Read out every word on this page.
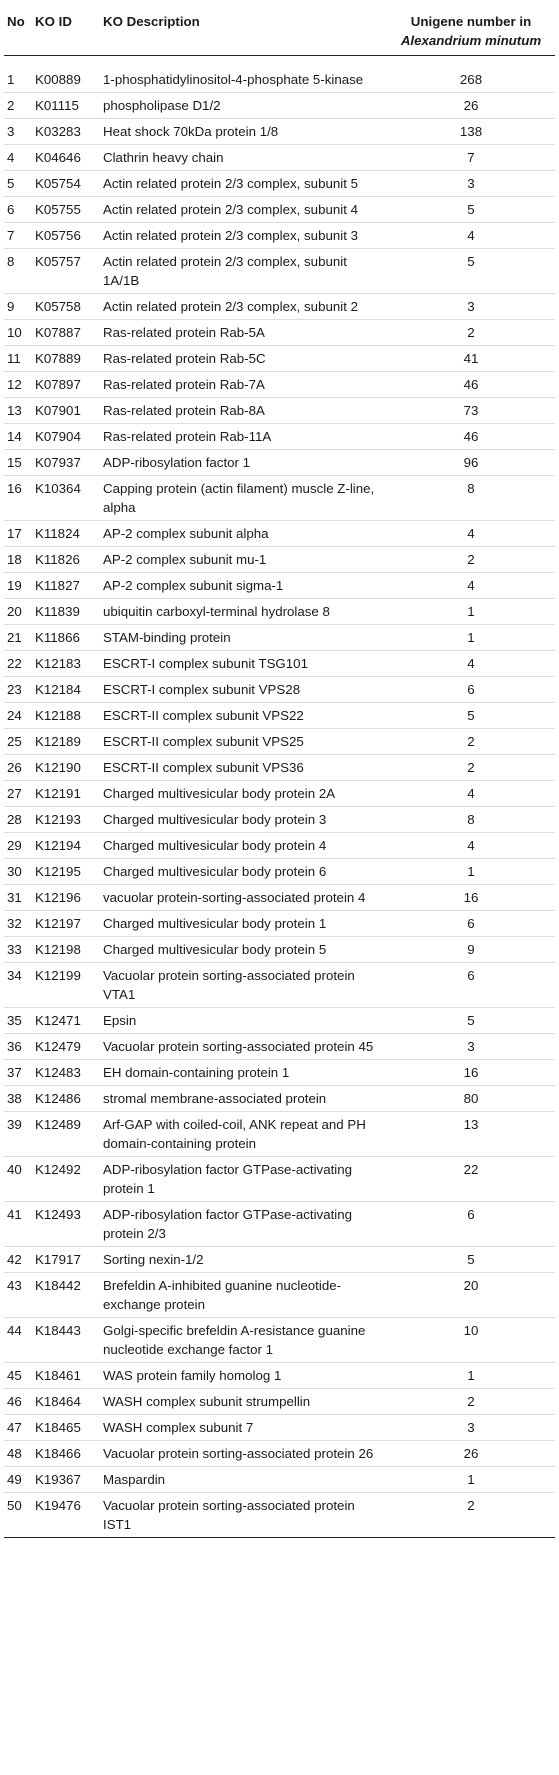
No	KO ID	KO Description	Unigene number in
Alexandrium minutum
1	K00889	1-phosphatidylinositol-4-phosphate 5-kinase	268
2	K01115	phospholipase D1/2	26
3	K03283	Heat shock 70kDa protein 1/8	138
4	K04646	Clathrin heavy chain	7
5	K05754	Actin related protein 2/3 complex, subunit 5	3
6	K05755	Actin related protein 2/3 complex, subunit 4	5
7	K05756	Actin related protein 2/3 complex, subunit 3	4
8	K05757	Actin related protein 2/3 complex, subunit 1A/1B	5
9	K05758	Actin related protein 2/3 complex, subunit 2	3
10	K07887	Ras-related protein Rab-5A	2
11	K07889	Ras-related protein Rab-5C	41
12	K07897	Ras-related protein Rab-7A	46
13	K07901	Ras-related protein Rab-8A	73
14	K07904	Ras-related protein Rab-11A	46
15	K07937	ADP-ribosylation factor 1	96
16	K10364	Capping protein (actin filament) muscle Z-line, alpha	8
17	K11824	AP-2 complex subunit alpha	4
18	K11826	AP-2 complex subunit mu-1	2
19	K11827	AP-2 complex subunit sigma-1	4
20	K11839	ubiquitin carboxyl-terminal hydrolase 8	1
21	K11866	STAM-binding protein	1
22	K12183	ESCRT-I complex subunit TSG101	4
23	K12184	ESCRT-I complex subunit VPS28	6
24	K12188	ESCRT-II complex subunit VPS22	5
25	K12189	ESCRT-II complex subunit VPS25	2
26	K12190	ESCRT-II complex subunit VPS36	2
27	K12191	Charged multivesicular body protein 2A	4
28	K12193	Charged multivesicular body protein 3	8
29	K12194	Charged multivesicular body protein 4	4
30	K12195	Charged multivesicular body protein 6	1
31	K12196	vacuolar protein-sorting-associated protein 4	16
32	K12197	Charged multivesicular body protein 1	6
33	K12198	Charged multivesicular body protein 5	9
34	K12199	Vacuolar protein sorting-associated protein VTA1	6
35	K12471	Epsin	5
36	K12479	Vacuolar protein sorting-associated protein 45	3
37	K12483	EH domain-containing protein 1	16
38	K12486	stromal membrane-associated protein	80
39	K12489	Arf-GAP with coiled-coil, ANK repeat and PH domain-containing protein	13
40	K12492	ADP-ribosylation factor GTPase-activating protein 1	22
41	K12493	ADP-ribosylation factor GTPase-activating protein 2/3	6
42	K17917	Sorting nexin-1/2	5
43	K18442	Brefeldin A-inhibited guanine nucleotide-exchange protein	20
44	K18443	Golgi-specific brefeldin A-resistance guanine nucleotide exchange factor 1	10
45	K18461	WAS protein family homolog 1	1
46	K18464	WASH complex subunit strumpellin	2
47	K18465	WASH complex subunit 7	3
48	K18466	Vacuolar protein sorting-associated protein 26	26
49	K19367	Maspardin	1
50	K19476	Vacuolar protein sorting-associated protein IST1	2
